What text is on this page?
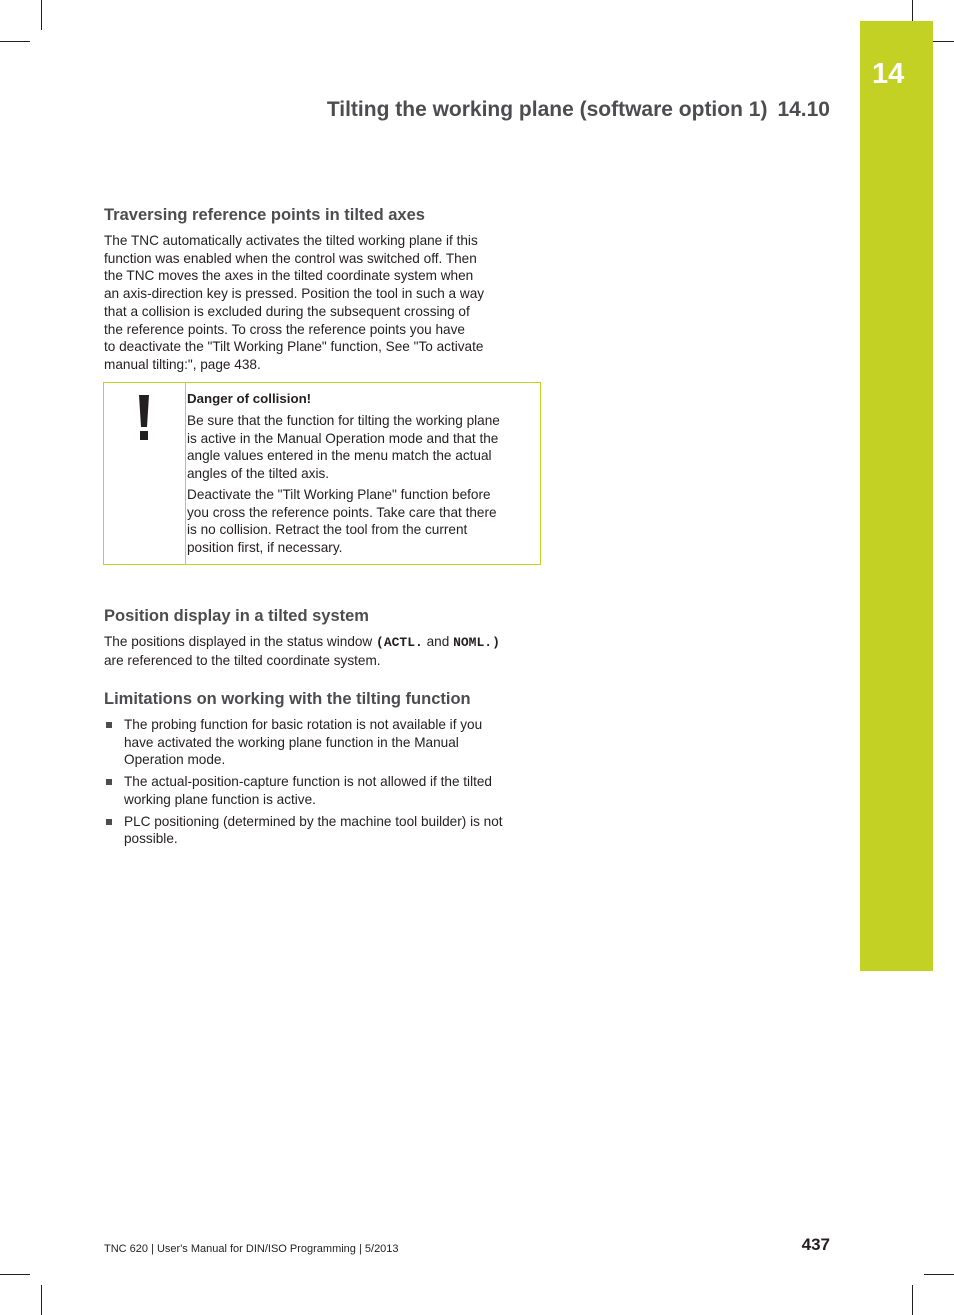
14
Tilting the working plane (software option 1) 14.10
Traversing reference points in tilted axes
The TNC automatically activates the tilted working plane if this
function was enabled when the control was switched off. Then
the TNC moves the axes in the tilted coordinate system when
an axis-direction key is pressed. Position the tool in such a way
that a collision is excluded during the subsequent crossing of
the reference points. To cross the reference points you have
to deactivate the "Tilt Working Plane" function, See "To activate
manual tilting:", page 438.
Danger of collision!
Be sure that the function for tilting the working plane
is active in the Manual Operation mode and that the
angle values entered in the menu match the actual
angles of the tilted axis.
Deactivate the "Tilt Working Plane" function before
you cross the reference points. Take care that there
is no collision. Retract the tool from the current
position first, if necessary.
Position display in a tilted system
The positions displayed in the status window (ACTL. and NOML.)
are referenced to the tilted coordinate system.
Limitations on working with the tilting function
The probing function for basic rotation is not available if you
have activated the working plane function in the Manual
Operation mode.
The actual-position-capture function is not allowed if the tilted
working plane function is active.
PLC positioning (determined by the machine tool builder) is not
possible.
TNC 620 | User's Manual for DIN/ISO Programming | 5/2013	437
